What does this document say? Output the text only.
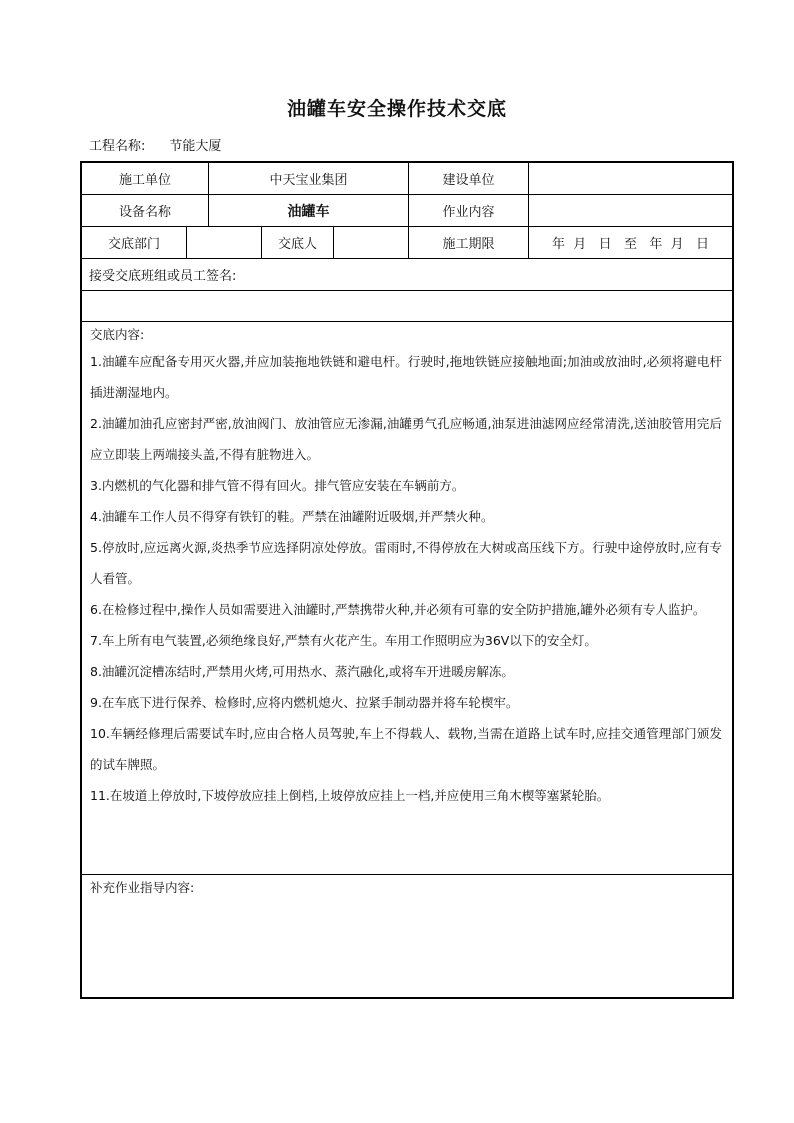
油罐车安全操作技术交底
工程名称: 节能大厦
施工单位	中天宝业集团	建设单位
设备名称	油罐车	作业内容
交底部门	交底人	施工期限	年  月   日   至   年  月   日
接受交底班组或员工签名:
交底内容:
1.油罐车应配备专用灭火器,并应加装拖地铁链和避电杆。行驶时,拖地铁链应接触地面;加油或放油时,必须将避电杆插进潮湿地内。
2.油罐加油孔应密封严密,放油阀门、放油管应无渗漏,油罐勇气孔应畅通,油泵进油滤网应经常清洗,送油胶管用完后应立即装上两端接头盖,不得有脏物进入。
3.内燃机的气化器和排气管不得有回火。排气管应安装在车辆前方。
4.油罐车工作人员不得穿有铁钉的鞋。严禁在油罐附近吸烟,并严禁火种。
5.停放时,应远离火源,炎热季节应选择阴凉处停放。雷雨时,不得停放在大树或高压线下方。行驶中途停放时,应有专人看管。
6.在检修过程中,操作人员如需要进入油罐时,严禁携带火种,并必须有可靠的安全防护措施,罐外必须有专人监护。
7.车上所有电气装置,必须绝缘良好,严禁有火花产生。车用工作照明应为36V以下的安全灯。
8.油罐沉淀槽冻结时,严禁用火烤,可用热水、蒸汽融化,或将车开进暖房解冻。
9.在车底下进行保养、检修时,应将内燃机熄火、拉紧手制动器并将车轮楔牢。
10.车辆经修理后需要试车时,应由合格人员驾驶,车上不得载人、载物,当需在道路上试车时,应挂交通管理部门颁发的试车牌照。
11.在坡道上停放时,下坡停放应挂上倒档,上坡停放应挂上一档,并应使用三角木楔等塞紧轮胎。
补充作业指导内容:
